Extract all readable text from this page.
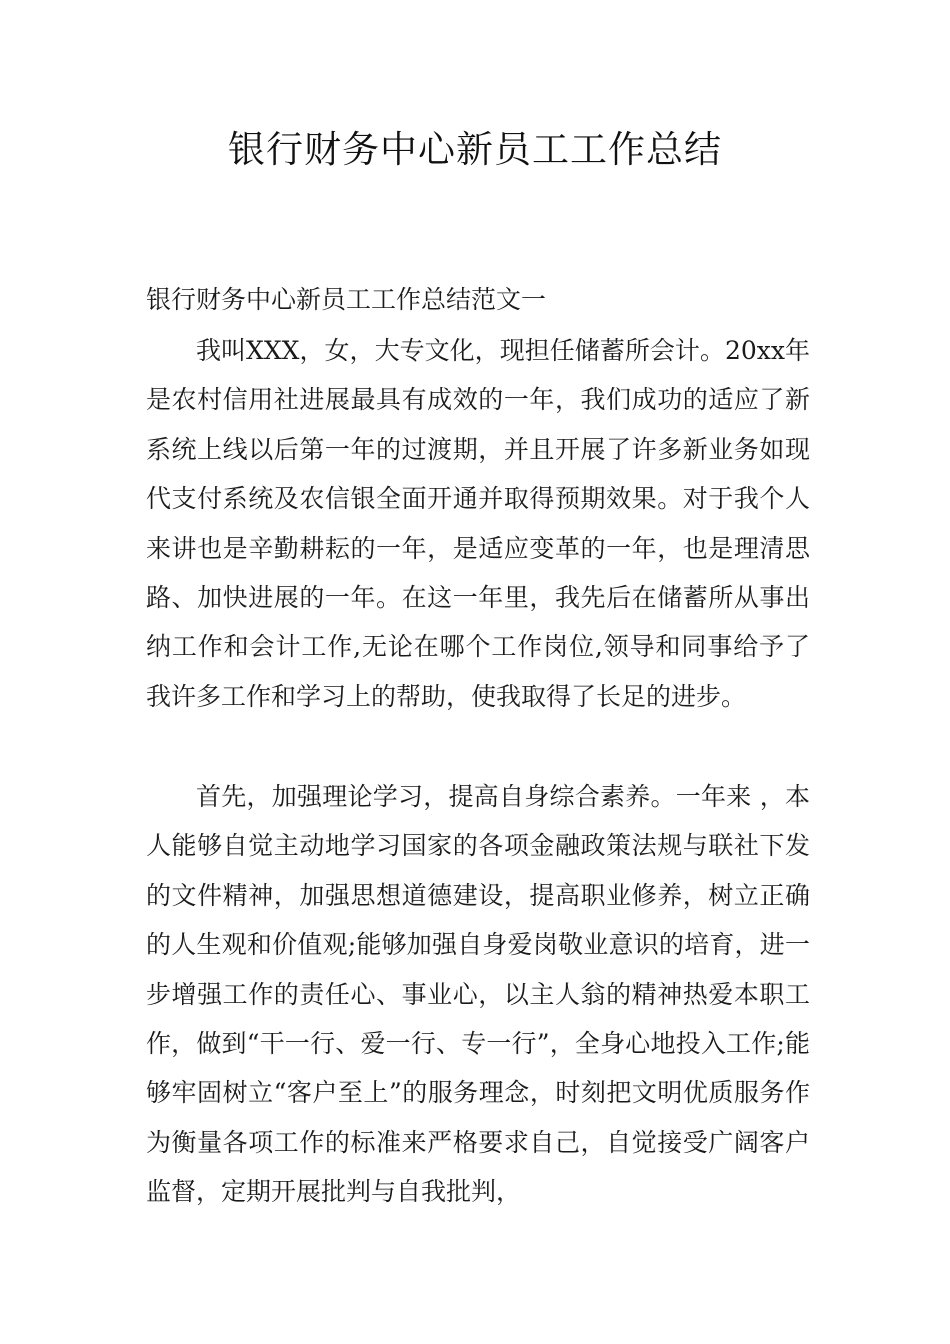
银行财务中心新员工工作总结
银行财务中心新员工工作总结范文一

我叫XXX，女，大专文化，现担任储蓄所会计。20xx年是农村信用社进展最具有成效的一年，我们成功的适应了新系统上线以后第一年的过渡期，并且开展了许多新业务如现代支付系统及农信银全面开通并取得预期效果。对于我个人来讲也是辛勤耕耘的一年，是适应变革的一年，也是理清思路、加快进展的一年。在这一年里，我先后在储蓄所从事出纳工作和会计工作,无论在哪个工作岗位,领导和同事给予了我许多工作和学习上的帮助，使我取得了长足的进步。

首先，加强理论学习，提高自身综合素养。一年来 ，本人能够自觉主动地学习国家的各项金融政策法规与联社下发的文件精神，加强思想道德建设，提高职业修养，树立正确的人生观和价值观;能够加强自身爱岗敬业意识的培育，进一步增强工作的责任心、事业心，以主人翁的精神热爱本职工作，做到“干一行、爱一行、专一行”，全身心地投入工作;能够牢固树立“客户至上”的服务理念，时刻把文明优质服务作为衡量各项工作的标准来严格要求自己，自觉接受广阔客户监督，定期开展批判与自我批判，
